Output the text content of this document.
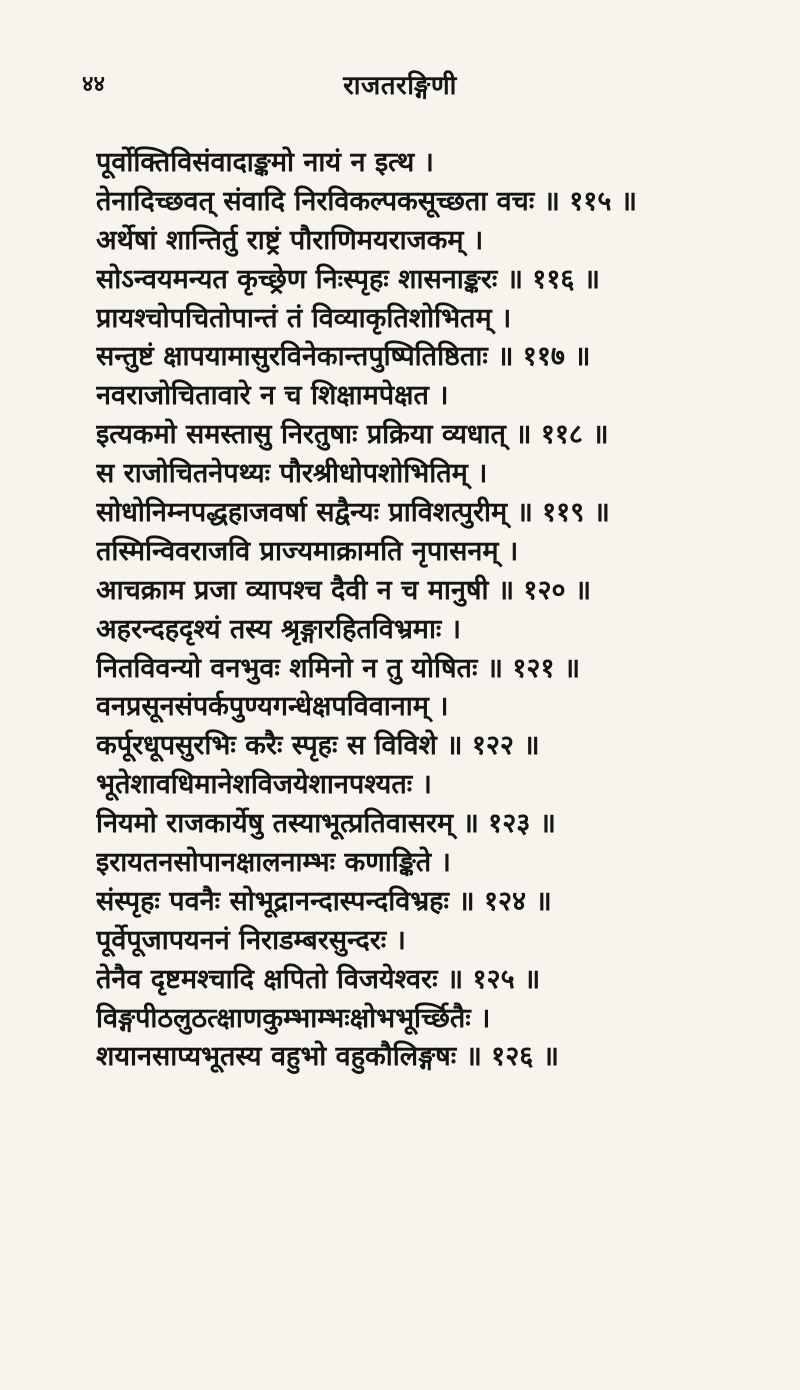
४४	राजतरङ्गिणी
पूर्वोक्तिविसंवादाङ्कमो नायं न इत्थ ।
तेनादिच्छवत् संवादि निरविकल्पकसूच्छता वचः ॥ ११५ ॥
अर्थेषां शान्तिर्तु राष्ट्रं पौराणिमयराजकम् ।
सोऽन्वयमन्यत कृच्छ्रेण निःस्पृहः शासनाङ्करः ॥ ११६ ॥
प्रायश्चोपचितोपान्तं तं विव्याकृतिशोभितम् ।
सन्तुष्टं क्षापयामासुरविनेकान्तपुष्पितिष्ठिताः ॥ ११७ ॥
नवराजोचितावारे न च शिक्षामपेक्षत ।
इत्यकमो समस्तासु निरतुषाः प्रक्रिया व्यधात् ॥ ११८ ॥
स राजोचितनेपथ्यः पौरश्रीधोपशोभितिम् ।
सोधोनिम्नपद्धहाजवर्षा सद्वैन्यः प्राविशत्पुरीम् ॥ ११९ ॥
तस्मिन्विवराजवि प्राज्यमाक्रामति नृपासनम् ।
आचक्राम प्रजा व्यापश्च दैवी न च मानुषी ॥ १२० ॥
अहरन्दहदृश्यं तस्य श्रृङ्गारहितविभ्रमाः ।
नितविवन्यो वनभुवः शमिनो न तु योषितः ॥ १२१ ॥
वनप्रसूनसंपर्कपुण्यगन्धेक्षपविवानाम् ।
कर्पूरधूपसुरभिः करैः स्पृहः स विविशे ॥ १२२ ॥
भूतेशावधिमानेशविजयेशानपश्यतः ।
नियमो राजकार्येषु तस्याभूत्प्रतिवासरम् ॥ १२३ ॥
इरायतनसोपानक्षालनाम्भः कणाङ्किते ।
संस्पृहः पवनैः सोभूद्रानन्दास्पन्दविभ्रहः ॥ १२४ ॥
पूर्वेपूजापयननं निराडम्बरसुन्दरः ।
तेनैव दृष्टमश्चादि क्षपितो विजयेश्वरः ॥ १२५ ॥
विङ्गपीठलुठत्क्षाणकुम्भाम्भःक्षोभभूर्च्छितैः ।
शयानसाप्यभूतस्य वहुभो वहुकौलिङ्गषः ॥ १२६ ॥
